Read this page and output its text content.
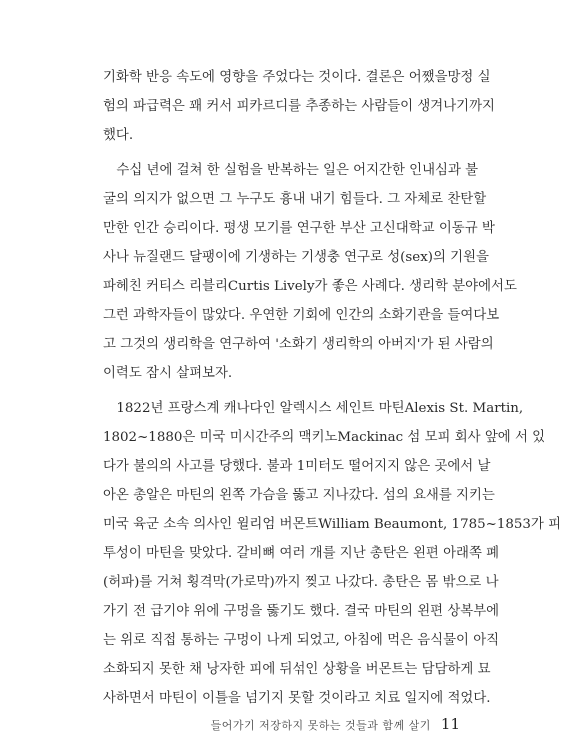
기화학 반응 속도에 영향을 주었다는 것이다. 결론은 어쨌을망정 실
험의 파급력은 꽤 커서 피카르디를 추종하는 사람들이 생겨나기까지
했다.
 수십 년에 걸쳐 한 실험을 반복하는 일은 어지간한 인내심과 불
굴의 의지가 없으면 그 누구도 흉내 내기 힘들다. 그 자체로 찬탄할
만한 인간 승리이다. 평생 모기를 연구한 부산 고신대학교 이동규 박
사나 뉴질랜드 달팽이에 기생하는 기생충 연구로 성(sex)의 기원을
파헤친 커티스 리블리Curtis Lively가 좋은 사례다. 생리학 분야에서도
그런 과학자들이 많았다. 우연한 기회에 인간의 소화기관을 들여다보
고 그것의 생리학을 연구하여 '소화기 생리학의 아버지'가 된 사람의
이력도 잠시 살펴보자.
 1822년 프랑스계 캐나다인 알렉시스 세인트 마틴Alexis St. Martin,
1802~1880은 미국 미시간주의 맥키노Mackinac 섬 모피 회사 앞에 서 있
다가 불의의 사고를 당했다. 불과 1미터도 떨어지지 않은 곳에서 날
아온 총알은 마틴의 왼쪽 가슴을 뚫고 지나갔다. 섬의 요새를 지키는
미국 육군 소속 의사인 윌리엄 버몬트William Beaumont, 1785~1853가 피
투성이 마틴을 맞았다. 갈비뼈 여러 개를 지난 총탄은 왼편 아래쪽 폐
(허파)를 거쳐 횡격막(가로막)까지 찢고 나갔다. 총탄은 몸 밖으로 나
가기 전 급기야 위에 구멍을 뚫기도 했다. 결국 마틴의 왼편 상복부에
는 위로 직접 통하는 구멍이 나게 되었고, 아침에 먹은 음식물이 아직
소화되지 못한 채 낭자한 피에 뒤섞인 상황을 버몬트는 담담하게 묘
사하면서 마틴이 이틀을 넘기지 못할 것이라고 치료 일지에 적었다.
들어가기 저장하지 못하는 것들과 함께 살기 11
